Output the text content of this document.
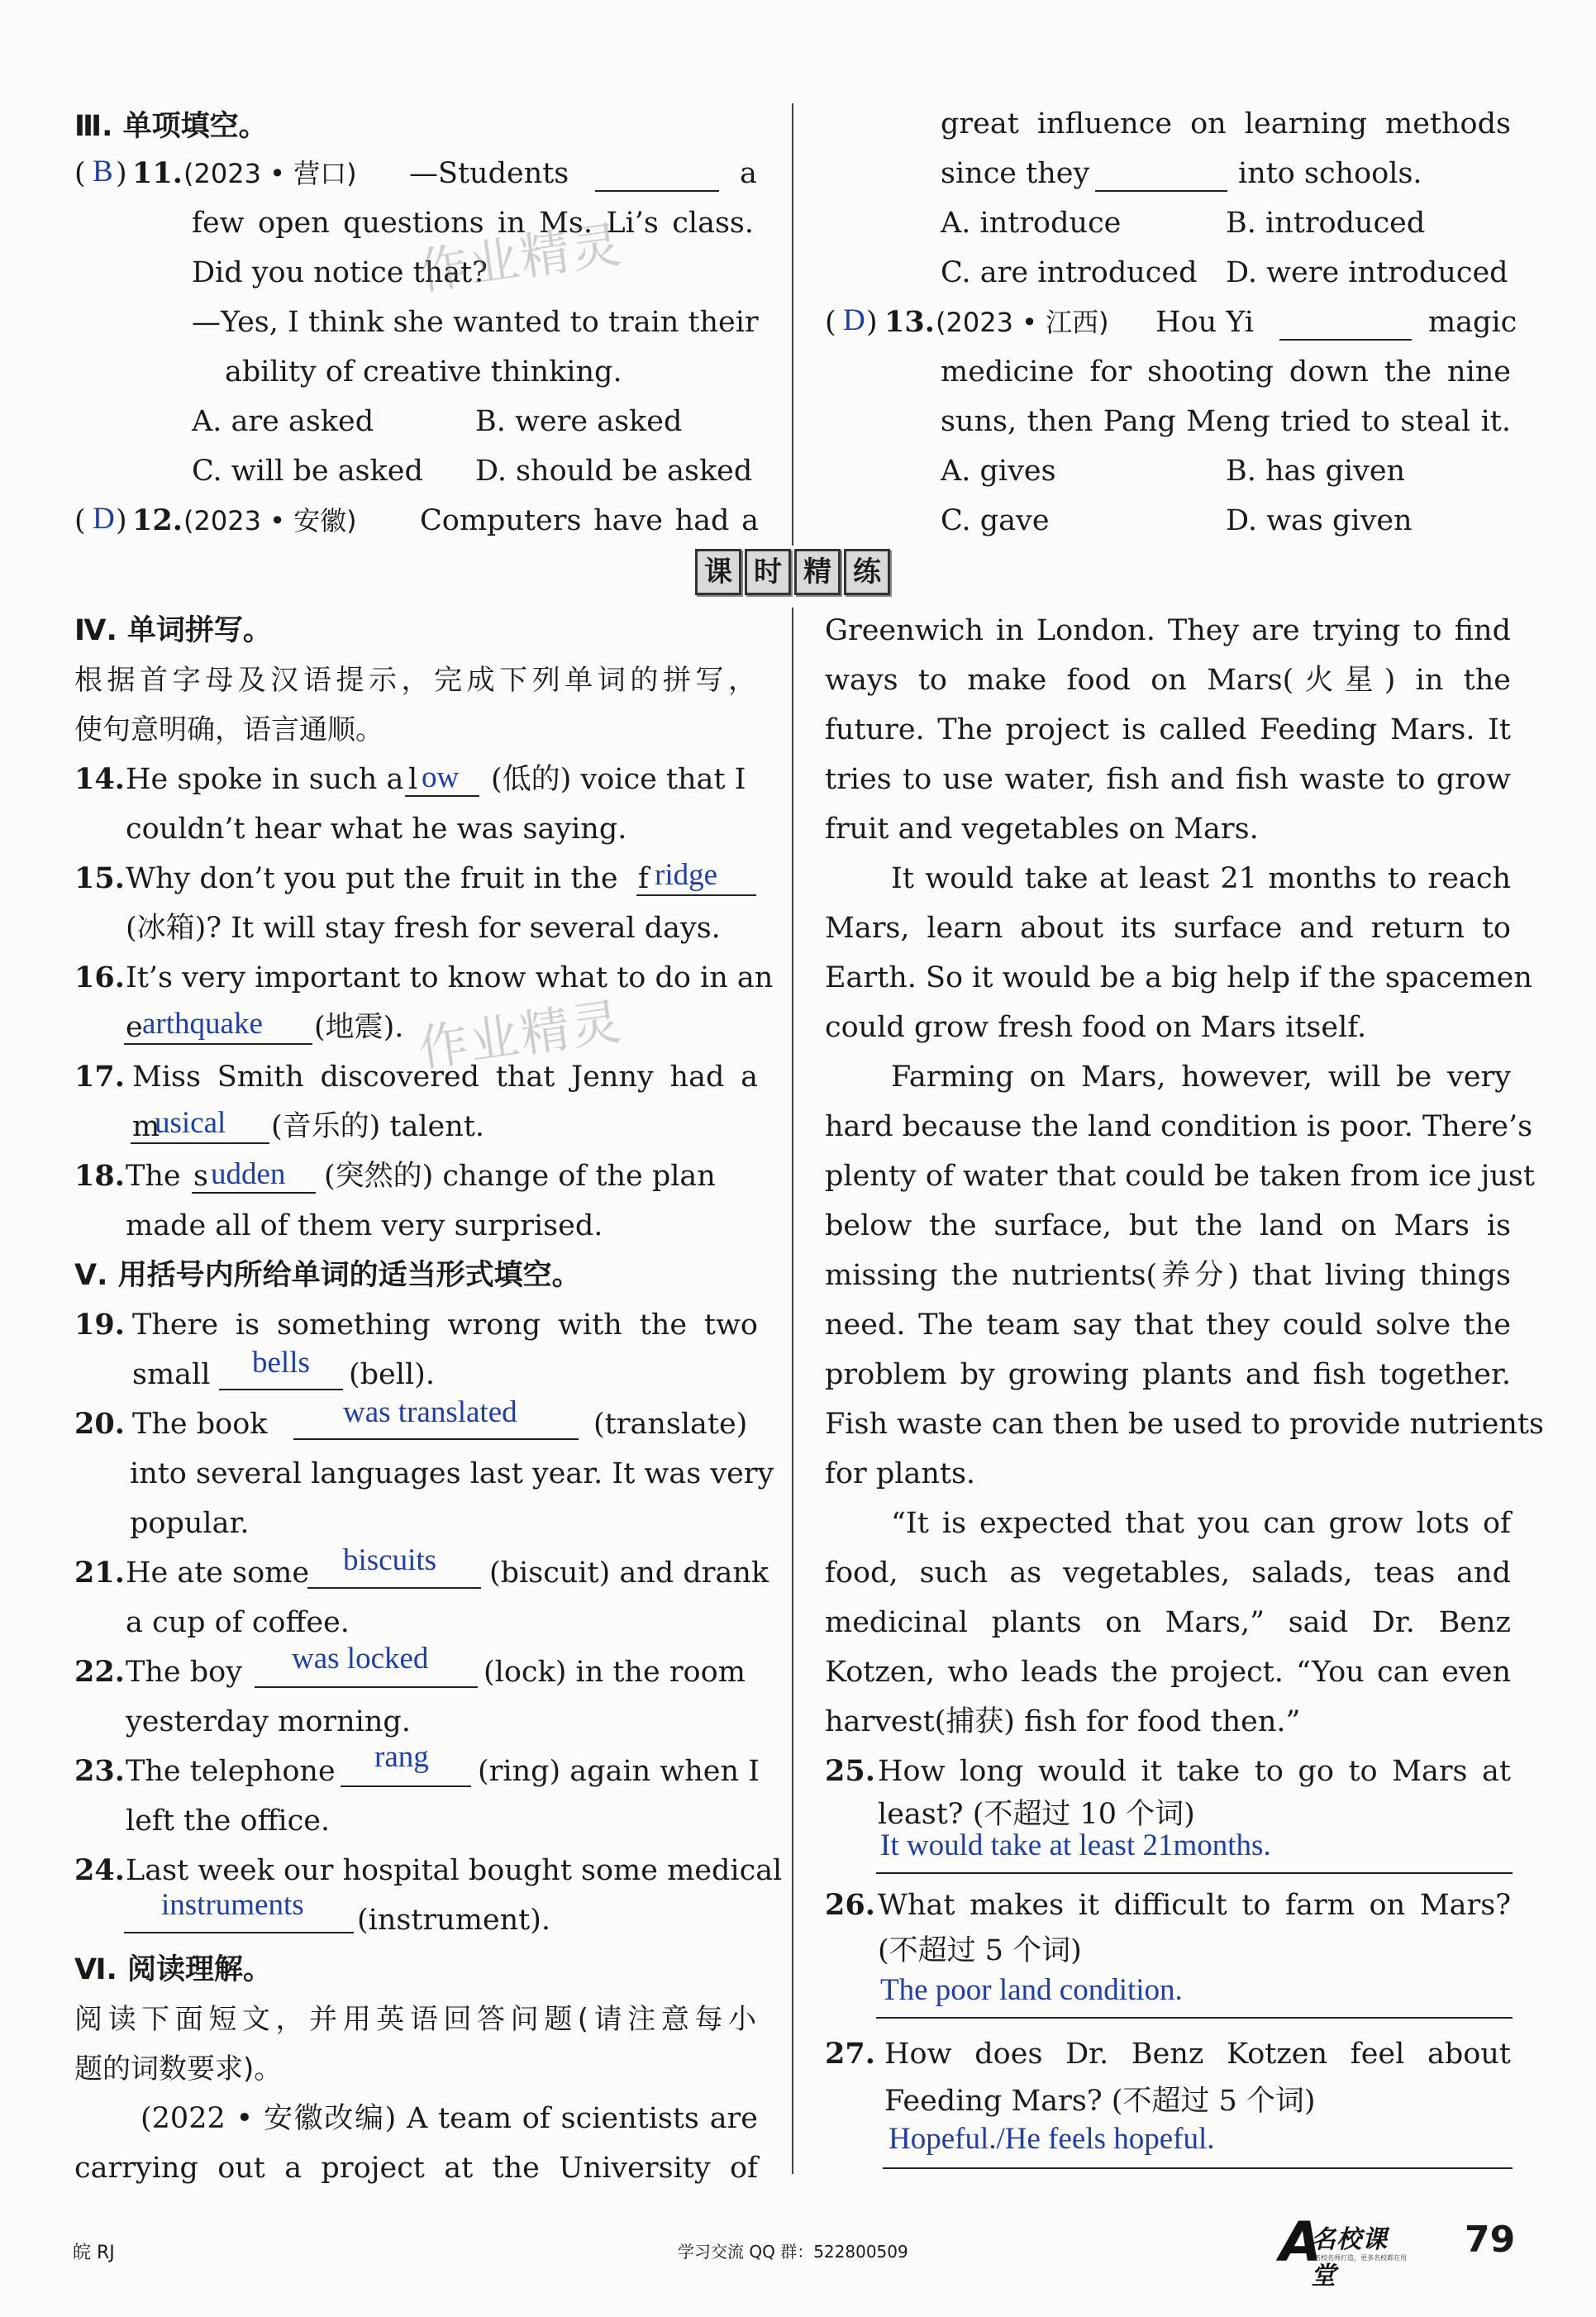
Ⅲ. 单项填空。
( B ) 11. (2023 • 营口) —Students	a
few open questions in Ms. Li’s class.
Did you notice that?
—Yes, I think she wanted to train their
ability of creative thinking.
A. are asked	B. were asked
C. will be asked D. should be asked
( D ) 12. (2023 • 安徽) Computers have had a
great influence on learning methods
since they	into schools.
A. introduce	B. introduced
C. are introduced D. were introduced
( D ) 13. (2023 • 江西) Hou Yi	magic
medicine for shooting down the nine
suns, then Pang Meng tried to steal it.
A. gives	B. has given
C. gave	D. was given
课 时 精 练
Ⅳ. 单词拼写。
根据首字母及汉语提示，完成下列单词的拼写，
使句意明确，语言通顺。
14. He spoke in such a l ow (低的) voice that I
couldn’t hear what he was saying.
15. Why don’t you put the fruit in the f ridge
(冰箱)? It will stay fresh for several days.
16. It’s very important to know what to do in an
e arthquake (地震).
17. Miss Smith discovered that Jenny had a
m
usical (音乐的) talent.
18. The s udden (突然的) change of the plan
made all of them very surprised.
Ⅴ. 用括号内所给单词的适当形式填空。
19. There is something wrong with the two
small bells (bell).
20. The book was translated	(translate)
into several languages last year. It was very
popular.
21. He ate some biscuits (biscuit) and drank
a cup of coffee.
22. The boy was locked (lock) in the room
yesterday morning.
23. The telephone rang (ring) again when I
left the office.
24. Last week our hospital bought some medical
instruments (instrument).
Ⅵ. 阅读理解。
阅读下面短文，并用英语回答问题(请注意每小
题的词数要求)。
(2022 • 安徽改编) A team of scientists are
carrying out a project at the University of
Greenwich in London. They are trying to find
ways to make food on Mars(火星) in the
future. The project is called Feeding Mars. It
tries to use water, fish and fish waste to grow
fruit and vegetables on Mars.
It would take at least 21 months to reach
Mars, learn about its surface and return to
Earth. So it would be a big help if the spacemen
could grow fresh food on Mars itself.
Farming on Mars, however, will be very
hard because the land condition is poor. There’s
plenty of water that could be taken from ice just
below the surface, but the land on Mars is
missing the nutrients(养分) that living things
need. The team say that they could solve the
problem by growing plants and fish together.
Fish waste can then be used to provide nutrients
for plants.
“It is expected that you can grow lots of
food, such as vegetables, salads, teas and
medicinal plants on Mars,” said Dr. Benz
Kotzen, who leads the project. “You can even
harvest(捕获) fish for food then.”
25. How long would it take to go to Mars at
least? (不超过 10 个词)
It would take at least 21months.
26. What makes it difficult to farm on Mars?
(不超过 5 个词)
The poor land condition.
27. How does Dr. Benz Kotzen feel about
Feeding Mars? (不超过 5 个词)
Hopeful./He feels hopeful.
作业精灵
作业精灵
皖 RJ	学习交流 QQ 群：522800509	A
名校课堂
名校名师打造，更多名校都在用 79
